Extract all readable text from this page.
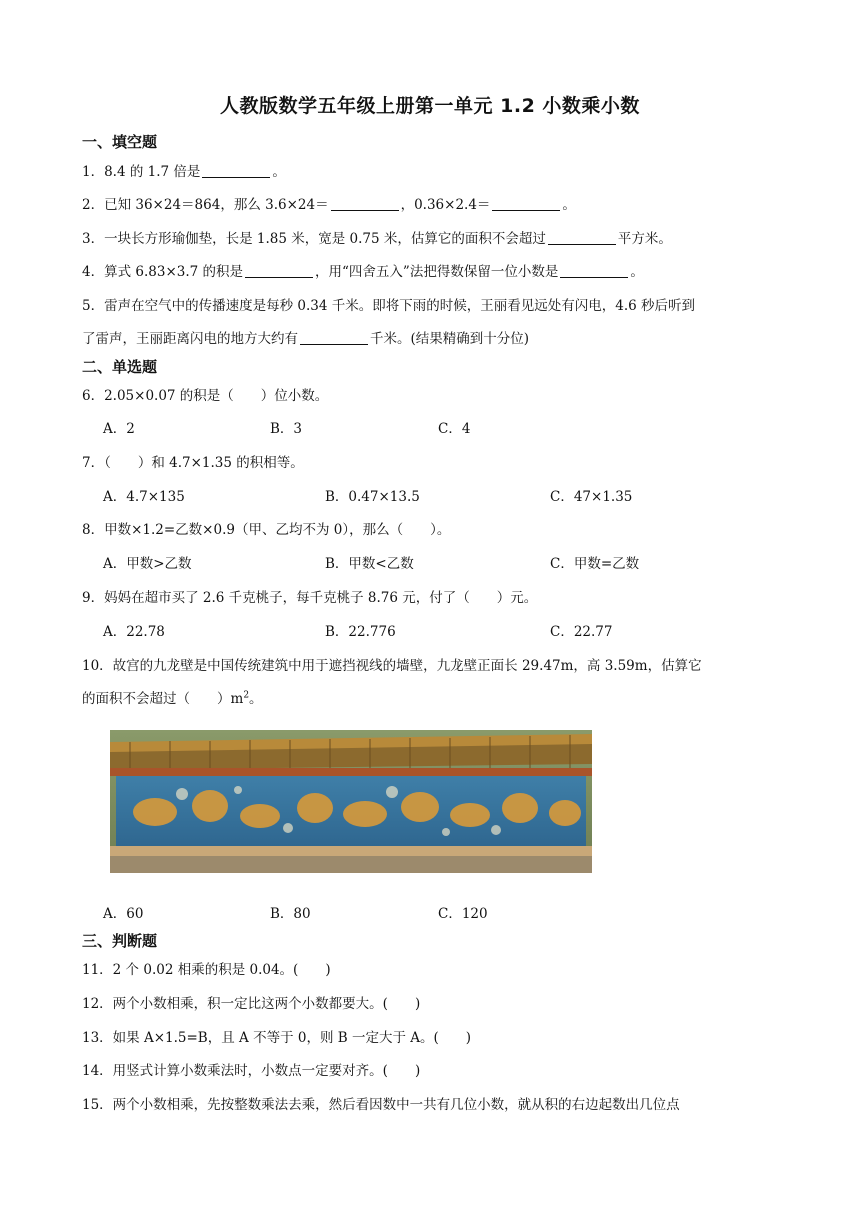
人教版数学五年级上册第一单元 1.2 小数乘小数
一、填空题
1．8.4 的 1.7 倍是	。
2．已知 36×24＝864，那么 3.6×24＝	，0.36×2.4＝	。
3．一块长方形瑜伽垫，长是 1.85 米，宽是 0.75 米，估算它的面积不会超过	平方米。
4．算式 6.83×3.7 的积是	，用“四舍五入”法把得数保留一位小数是	。
5．雷声在空气中的传播速度是每秒 0.34 千米。即将下雨的时候，王丽看见远处有闪电，4.6 秒后听到
了雷声，王丽距离闪电的地方大约有	千米。(结果精确到十分位)
二、单选题
6．2.05×0.07 的积是（　　）位小数。
A．2	B．3	C．4
7．（　　）和 4.7×1.35 的积相等。
A．4.7×135	B．0.47×13.5	C．47×1.35
8．甲数×1.2=乙数×0.9（甲、乙均不为 0），那么（　　）。
A．甲数>乙数	B．甲数<乙数	C．甲数=乙数
9．妈妈在超市买了 2.6 千克桃子，每千克桃子 8.76 元，付了（　　）元。
A．22.78	B．22.776	C．22.77
10．故宫的九龙壁是中国传统建筑中用于遮挡视线的墙壁，九龙壁正面长 29.47m，高 3.59m，估算它
的面积不会超过（　　）$m^2$。
A．60	B．80	C．120
三、判断题
11．2 个 0.02 相乘的积是 0.04。(　　)
12．两个小数相乘，积一定比这两个小数都要大。(　　)
13．如果 A×1.5=B，且 A 不等于 0，则 B 一定大于 A。(　　)
14．用竖式计算小数乘法时，小数点一定要对齐。(　　)
15．两个小数相乘，先按整数乘法去乘，然后看因数中一共有几位小数，就从积的右边起数出几位点
